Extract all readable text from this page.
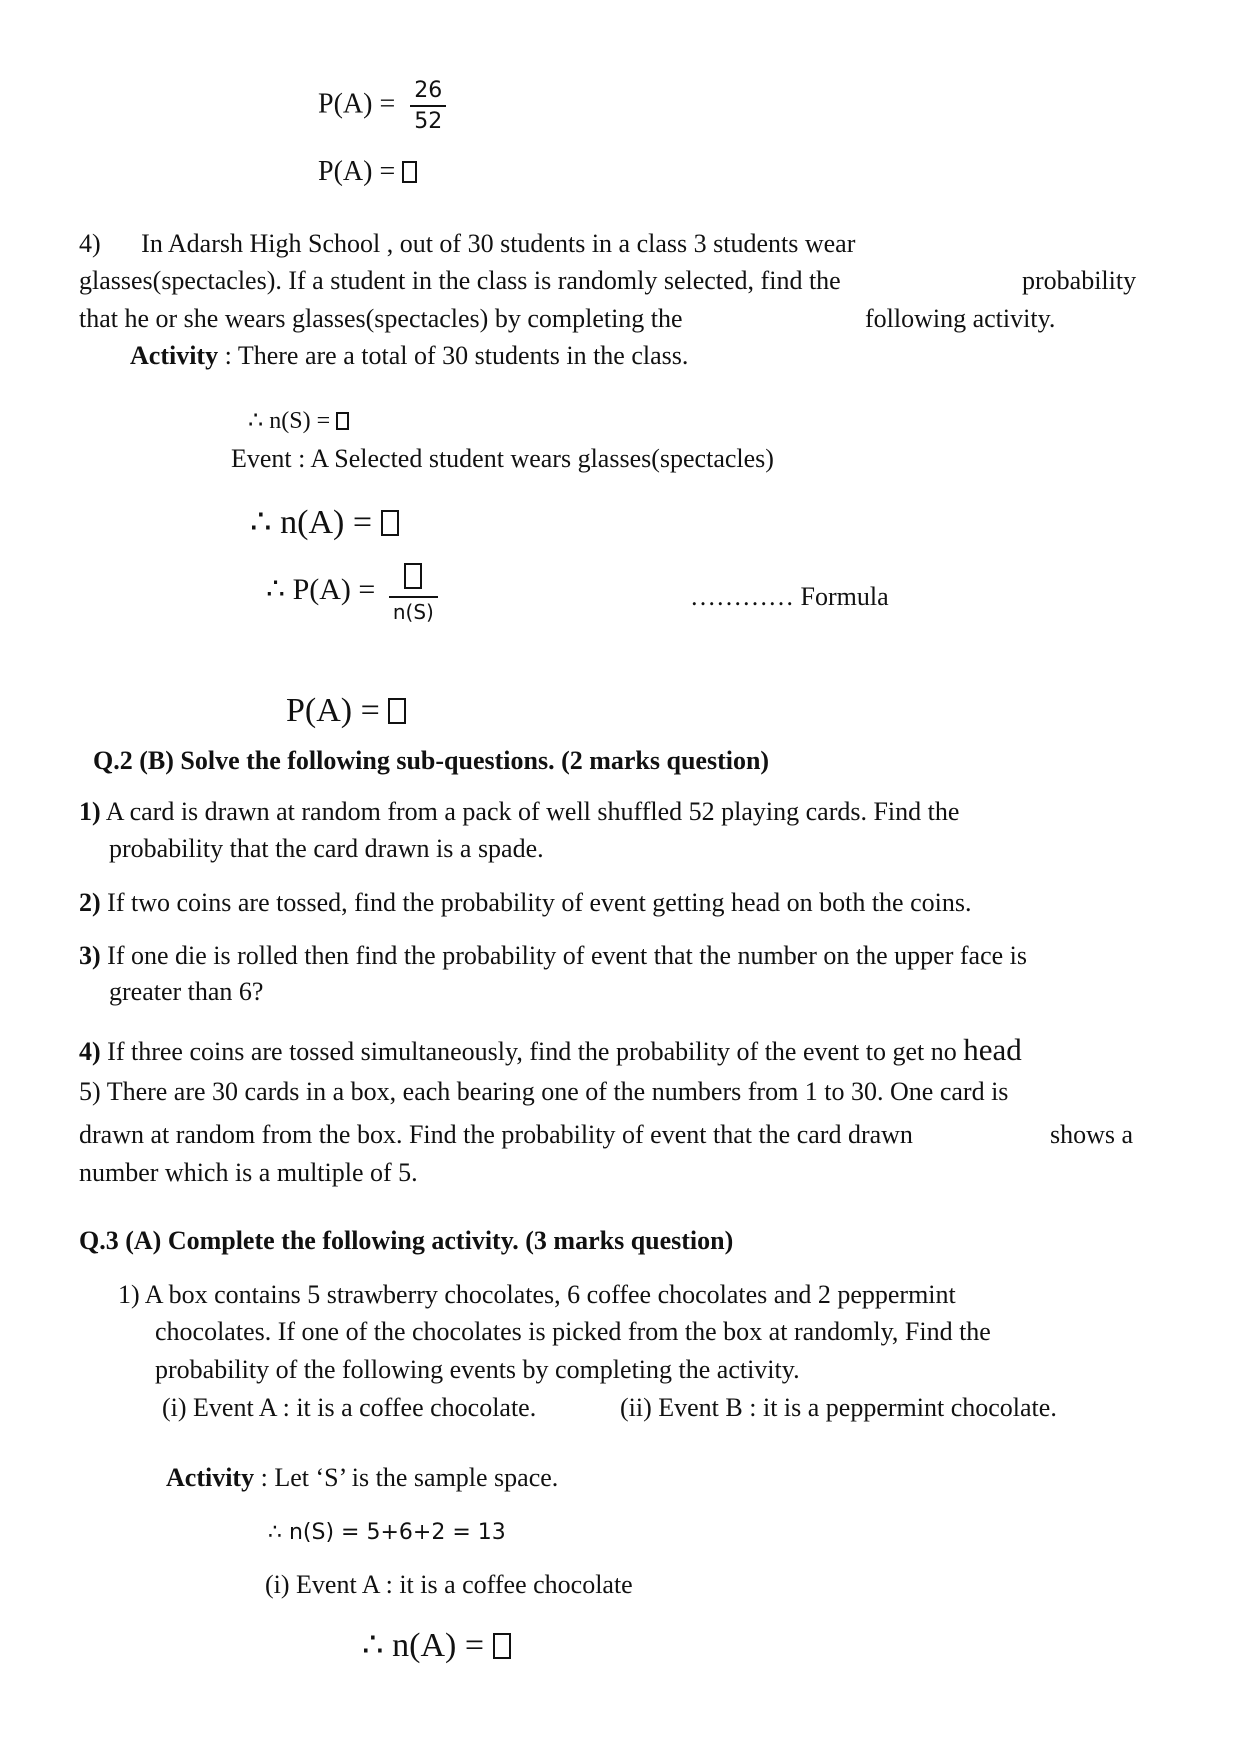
$P(A) = \frac{26}{52}$
P(A) =
4) In Adarsh High School , out of 30 students in a class 3 students wear
glasses(spectacles). If a student in the class is randomly selected, find the	probability
that he or she wears glasses(spectacles) by completing the	following activity.
Activity : There are a total of 30 students in the class.
∴ n(S) =
Event : A Selected student wears glasses(spectacles)
∴ n(A) =
∴ P(A) =
n(S)
………… Formula
P(A) =
Q.2 (B) Solve the following sub-questions. (2 marks question)
1) A card is drawn at random from a pack of well shuffled 52 playing cards. Find the
probability that the card drawn is a spade.
2) If two coins are tossed, find the probability of event getting head on both the coins.
3) If one die is rolled then find the probability of event that the number on the upper face is
greater than 6?
4) If three coins are tossed simultaneously, find the probability of the event to get no head
5) There are 30 cards in a box, each bearing one of the numbers from 1 to 30. One card is
drawn at random from the box. Find the probability of event that the card drawn	shows a
number which is a multiple of 5.
Q.3 (A) Complete the following activity. (3 marks question)
1) A box contains 5 strawberry chocolates, 6 coffee chocolates and 2 peppermint
chocolates. If one of the chocolates is picked from the box at randomly, Find the
probability of the following events by completing the activity.
(i) Event A : it is a coffee chocolate.	(ii) Event B : it is a peppermint chocolate.
Activity : Let ‘S’ is the sample space.
∴ n(S) = 5+6+2 = 13
(i) Event A : it is a coffee chocolate
∴ n(A) =
